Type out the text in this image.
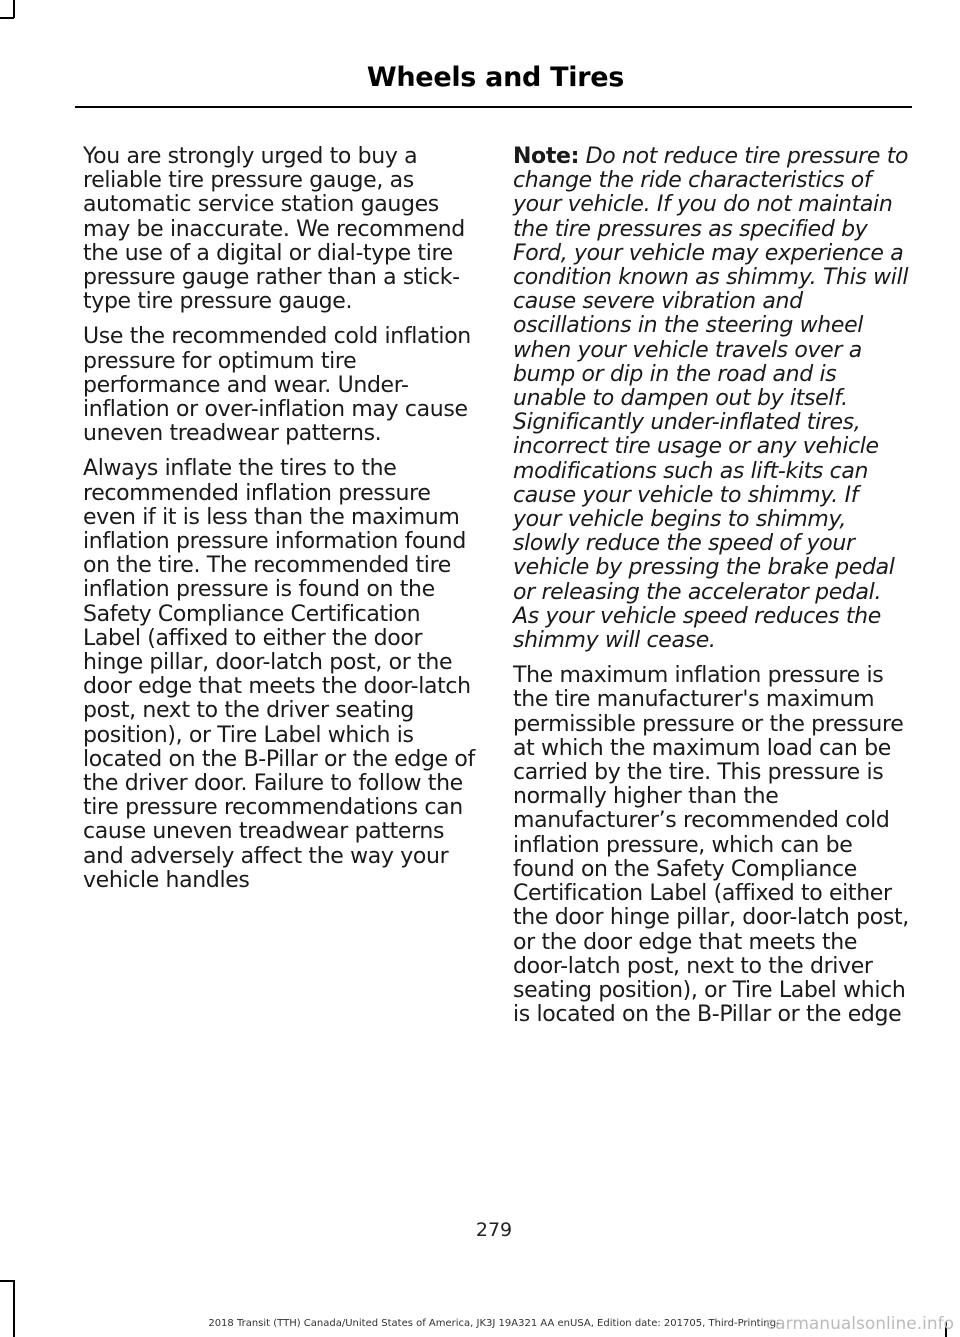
Wheels and Tires

You are strongly urged to buy a reliable tire pressure gauge, as automatic service station gauges may be inaccurate. We recommend the use of a digital or dial-type tire pressure gauge rather than a stick-type tire pressure gauge.

Use the recommended cold inflation pressure for optimum tire performance and wear. Under-inflation or over-inflation may cause uneven treadwear patterns.

Always inflate the tires to the recommended inflation pressure even if it is less than the maximum inflation pressure information found on the tire. The recommended tire inflation pressure is found on the Safety Compliance Certification Label (affixed to either the door hinge pillar, door-latch post, or the door edge that meets the door-latch post, next to the driver seating position), or Tire Label which is located on the B-Pillar or the edge of the driver door. Failure to follow the tire pressure recommendations can cause uneven treadwear patterns and adversely affect the way your vehicle handles

Note: Do not reduce tire pressure to change the ride characteristics of your vehicle. If you do not maintain the tire pressures as specified by Ford, your vehicle may experience a condition known as shimmy. This will cause severe vibration and oscillations in the steering wheel when your vehicle travels over a bump or dip in the road and is unable to dampen out by itself. Significantly under-inflated tires, incorrect tire usage or any vehicle modifications such as lift-kits can cause your vehicle to shimmy. If your vehicle begins to shimmy, slowly reduce the speed of your vehicle by pressing the brake pedal or releasing the accelerator pedal. As your vehicle speed reduces the shimmy will cease.

The maximum inflation pressure is the tire manufacturer's maximum permissible pressure or the pressure at which the maximum load can be carried by the tire. This pressure is normally higher than the manufacturer’s recommended cold inflation pressure, which can be found on the Safety Compliance Certification Label (affixed to either the door hinge pillar, door-latch post, or the door edge that meets the door-latch post, next to the driver seating position), or Tire Label which is located on the B-Pillar or the edge

279
2018 Transit (TTH) Canada/United States of America, JK3J 19A321 AA enUSA, Edition date: 201705, Third-Printing-
carmanualsonline.info
